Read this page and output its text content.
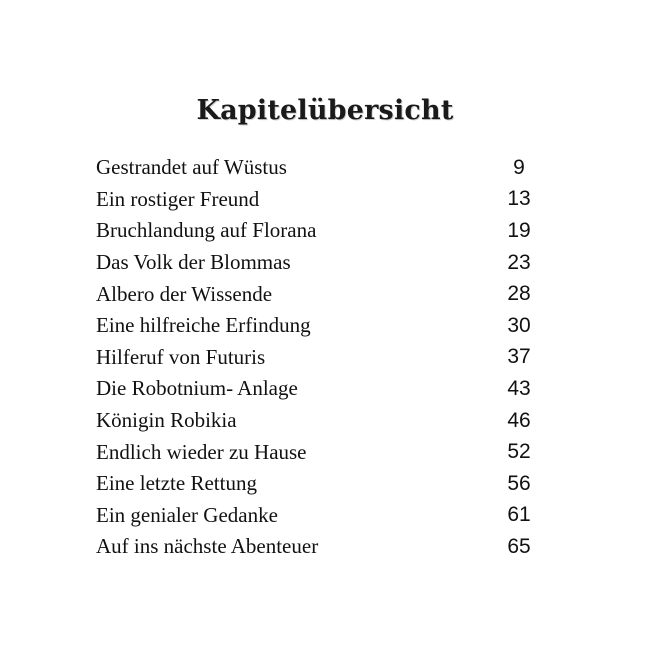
Kapitelübersicht
Gestrandet auf Wüstus	9
Ein rostiger Freund	13
Bruchlandung auf Florana	19
Das Volk der Blommas	23
Albero der Wissende	28
Eine hilfreiche Erfindung	30
Hilferuf von Futuris	37
Die Robotnium- Anlage	43
Königin Robikia	46
Endlich wieder zu Hause	52
Eine letzte Rettung	56
Ein genialer Gedanke	61
Auf ins nächste Abenteuer	65
